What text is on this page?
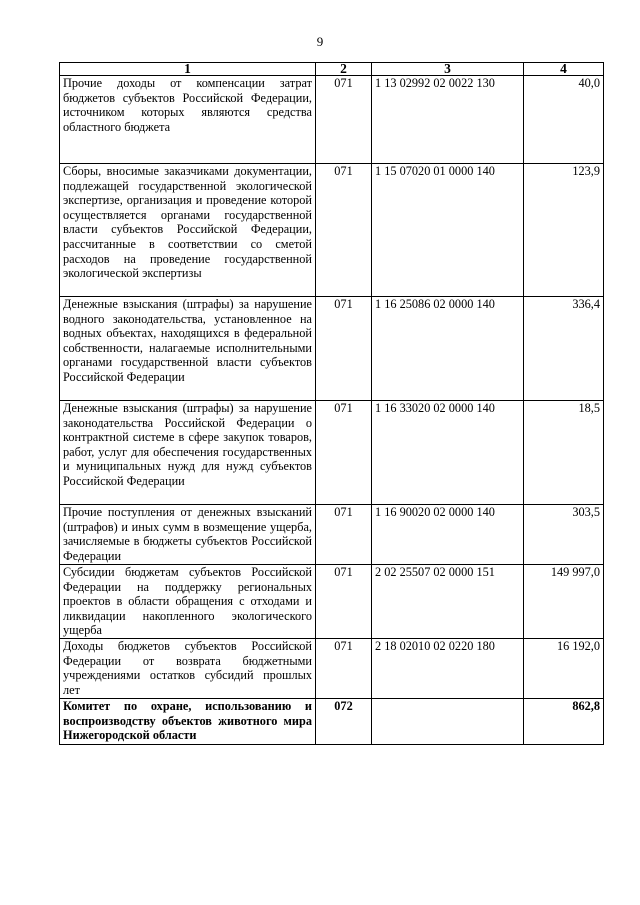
9
1	2	3	4
Прочие доходы от компенсации затрат бюджетов субъектов Российской Федерации, источником которых являются средства областного бюджета	071	1 13 02992 02 0022 130	40,0
Сборы, вносимые заказчиками документации, подлежащей государственной экологической экспертизе, организация и проведение которой осуществляется органами государственной власти субъектов Российской Федерации, рассчитанные в соответствии со сметой расходов на проведение государственной экологической экспертизы	071	1 15 07020 01 0000 140	123,9
Денежные взыскания (штрафы) за нарушение водного законодательства, установленное на водных объектах, находящихся в федеральной собственности, налагаемые исполнительными органами государственной власти субъектов Российской Федерации	071	1 16 25086 02 0000 140	336,4
Денежные взыскания (штрафы) за нарушение законодательства Российской Федерации о контрактной системе в сфере закупок товаров, работ, услуг для обеспечения государственных и муниципальных нужд для нужд субъектов Российской Федерации	071	1 16 33020 02 0000 140	18,5
Прочие поступления от денежных взысканий (штрафов) и иных сумм в возмещение ущерба, зачисляемые в бюджеты субъектов Российской Федерации	071	1 16 90020 02 0000 140	303,5
Субсидии бюджетам субъектов Российской Федерации на поддержку региональных проектов в области обращения с отходами и ликвидации накопленного экологического ущерба	071	2 02 25507 02 0000 151	149 997,0
Доходы бюджетов субъектов Российской Федерации от возврата бюджетными учреждениями остатков субсидий прошлых лет	071	2 18 02010 02 0220 180	16 192,0
Комитет по охране, использованию и воспроизводству объектов животного мира Нижегородской области	072		862,8
